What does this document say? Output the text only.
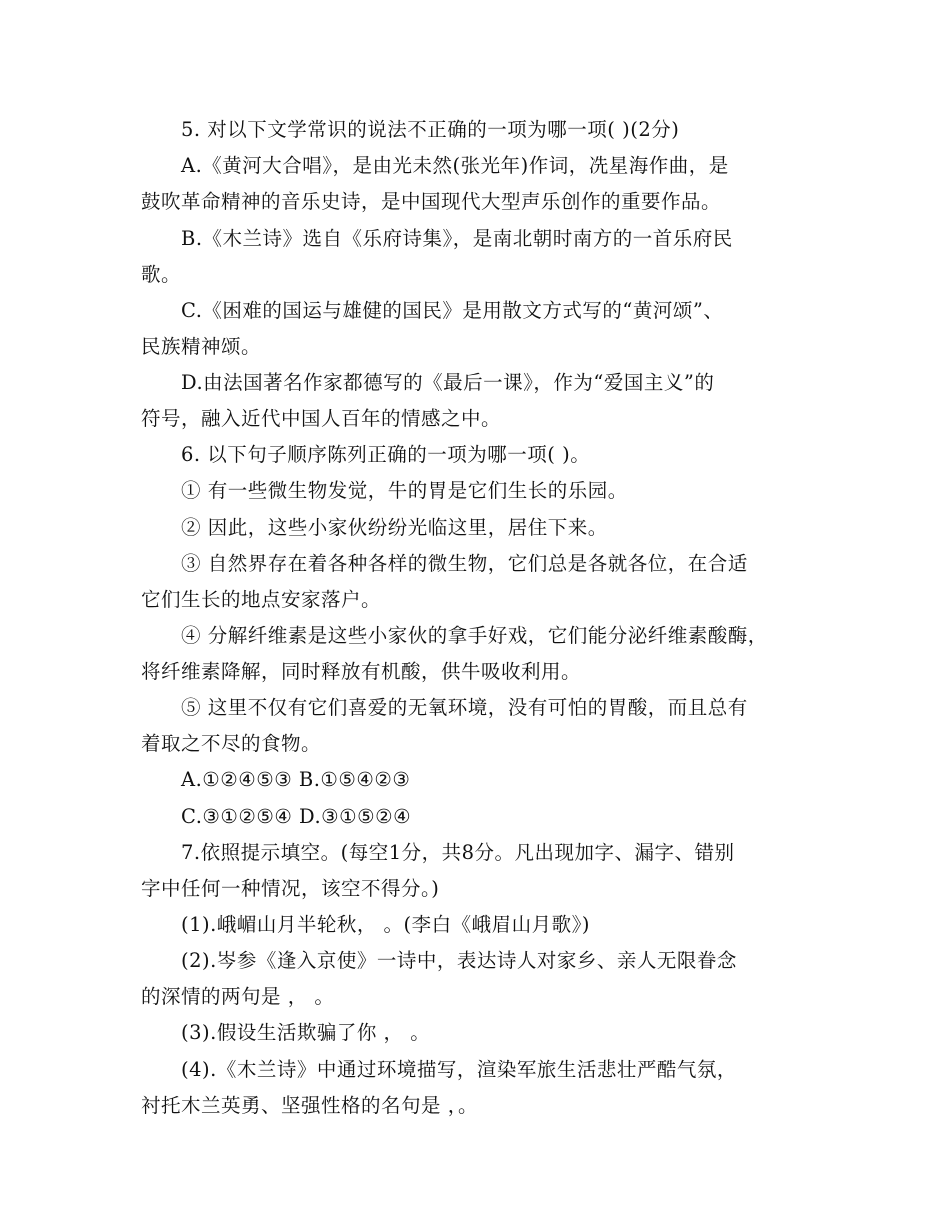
5. 对以下文学常识的说法不正确的一项为哪一项( )(2分)
A.《黄河大合唱》，是由光未然(张光年)作词，冼星海作曲，是
鼓吹革命精神的音乐史诗，是中国现代大型声乐创作的重要作品。
B.《木兰诗》选自《乐府诗集》，是南北朝时南方的一首乐府民
歌。
C.《困难的国运与雄健的国民》是用散文方式写的“黄河颂”、
民族精神颂。
D.由法国著名作家都德写的《最后一课》，作为“爱国主义”的
符号，融入近代中国人百年的情感之中。
6. 以下句子顺序陈列正确的一项为哪一项( )。
① 有一些微生物发觉，牛的胃是它们生长的乐园。
② 因此，这些小家伙纷纷光临这里，居住下来。
③ 自然界存在着各种各样的微生物，它们总是各就各位，在合适
它们生长的地点安家落户。
④ 分解纤维素是这些小家伙的拿手好戏，它们能分泌纤维素酸酶，
将纤维素降解，同时释放有机酸，供牛吸收利用。
⑤ 这里不仅有它们喜爱的无氧环境，没有可怕的胃酸，而且总有
着取之不尽的食物。
A.①②④⑤③ B.①⑤④②③
C.③①②⑤④ D.③①⑤②④
7.依照提示填空。(每空1分，共8分。凡出现加字、漏字、错别
字中任何一种情况，该空不得分。)
(1).峨嵋山月半轮秋， 。(李白《峨眉山月歌》)
(2).岑参《逢入京使》一诗中，表达诗人对家乡、亲人无限眷念
的深情的两句是 ， 。
(3).假设生活欺骗了你 ， 。
(4).《木兰诗》中通过环境描写，渲染军旅生活悲壮严酷气氛，
衬托木兰英勇、坚强性格的名句是 ，。
